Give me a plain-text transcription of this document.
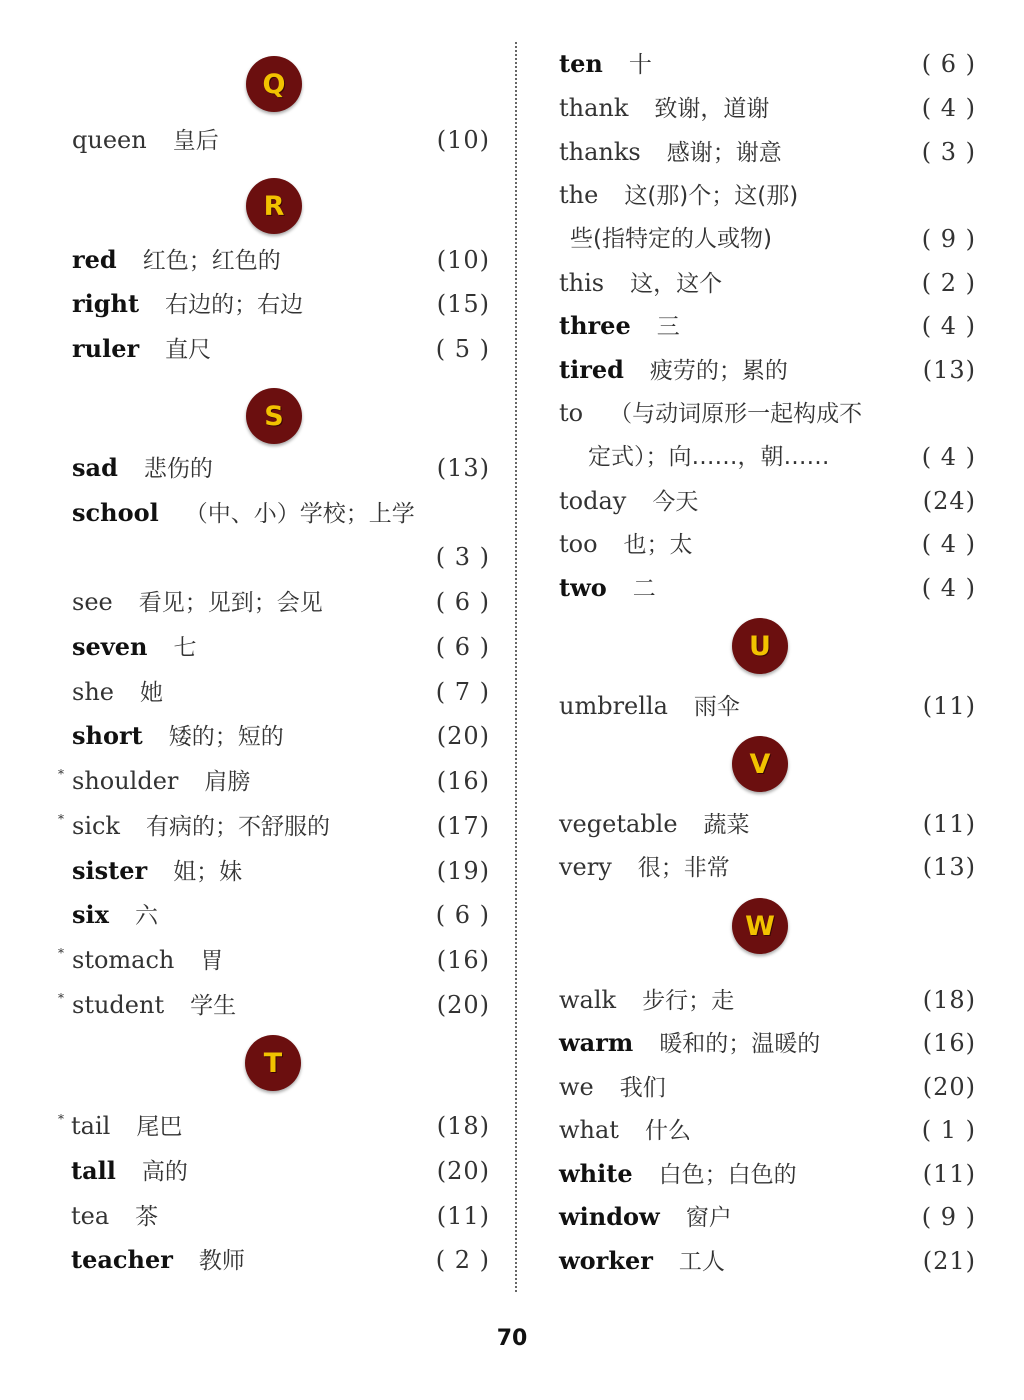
Q
queen 皇后	(10)
R
red 红色；红色的	(10)
right 右边的；右边	(15)
ruler 直尺	( 5 )
S
sad 悲伤的	(13)
school （中、小）学校；上学
( 3 )
see 看见；见到；会见	( 6 )
seven 七	( 6 )
she 她	( 7 )
short 矮的；短的	(20)
* shoulder 肩膀	(16)
* sick 有病的；不舒服的	(17)
sister 姐；妹	(19)
six 六	( 6 )
* stomach 胃	(16)
* student 学生	(20)
T
* tail 尾巴	(18)
tall 高的	(20)
tea 茶	(11)
teacher 教师	( 2 )
ten 十	( 6 )
thank 致谢，道谢	( 4 )
thanks 感谢；谢意	( 3 )
the 这(那)个；这(那)
些(指特定的人或物)	( 9 )
this 这，这个	( 2 )
three 三	( 4 )
tired 疲劳的；累的	(13)
to （与动词原形一起构成不
定式）；向……，朝……	( 4 )
today 今天	(24)
too 也；太	( 4 )
two 二	( 4 )
U
umbrella 雨伞	(11)
V
vegetable 蔬菜	(11)
very 很；非常	(13)
W
walk 步行；走	(18)
warm 暖和的；温暖的	(16)
we 我们	(20)
what 什么	( 1 )
white 白色；白色的	(11)
window 窗户	( 9 )
worker 工人	(21)
70
